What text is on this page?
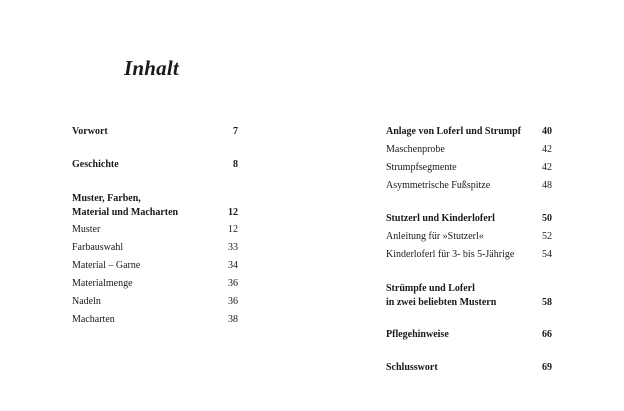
Inhalt
Vorwort	7
Geschichte	8
Muster, Farben,
Material und Macharten	12
Muster	12
Farbauswahl	33
Material – Garne	34
Materialmenge	36
Nadeln	36
Macharten	38
Anlage von Loferl und Strumpf 40
Maschenprobe	42
Strumpfsegmente	42
Asymmetrische Fußspitze	48
Stutzerl und Kinderloferl	50
Anleitung für »Stutzerl«	52
Kinderloferl für 3- bis 5-Jährige	54
Strümpfe und Loferl
in zwei beliebten Mustern	58
Pflegehinweise	66
Schlusswort	69
